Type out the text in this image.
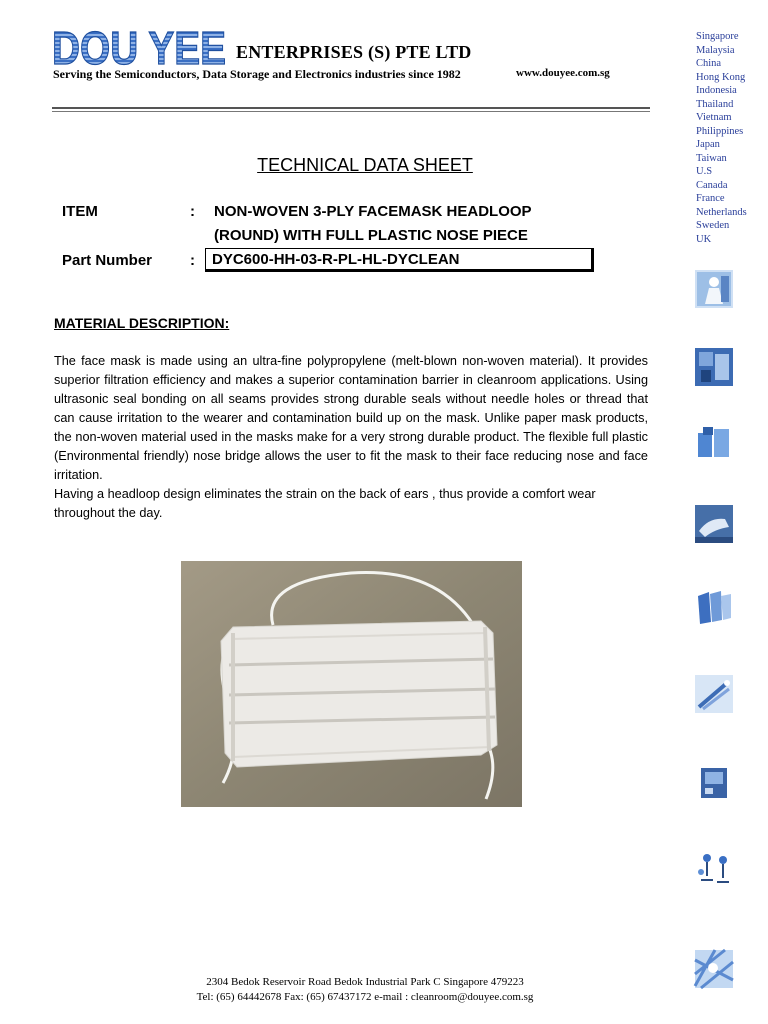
DOU YEE ENTERPRISES (S) PTE LTD
Serving the Semiconductors, Data Storage and Electronics industries since 1982	www.douyee.com.sg
Singapore
Malaysia
China
Hong Kong
Indonesia
Thailand
Vietnam
Philippines
Japan
Taiwan
U.S
Canada
France
Netherlands
Sweden
UK
TECHNICAL DATA SHEET
ITEM	: NON-WOVEN 3-PLY FACEMASK HEADLOOP
(ROUND) WITH FULL PLASTIC NOSE PIECE
Part Number	: DYC600-HH-03-R-PL-HL-DYCLEAN
MATERIAL DESCRIPTION:
The face mask is made using an ultra-fine polypropylene (melt-blown non-woven material). It provides superior filtration efficiency and makes a superior contamination barrier in cleanroom applications. Using ultrasonic seal bonding on all seams provides strong durable seals without needle holes or thread that can cause irritation to the wearer and contamination build up on the mask. Unlike paper mask products, the non-woven material used in the masks make for a very strong durable product. The flexible full plastic (Environmental friendly) nose bridge allows the user to fit the mask to their face reducing nose and face irritation.
Having a headloop design eliminates the strain on the back of ears , thus provide a comfort wear throughout the day.
2304 Bedok Reservoir Road Bedok Industrial Park C Singapore 479223
Tel: (65) 64442678 Fax: (65) 67437172 e-mail : cleanroom@douyee.com.sg
